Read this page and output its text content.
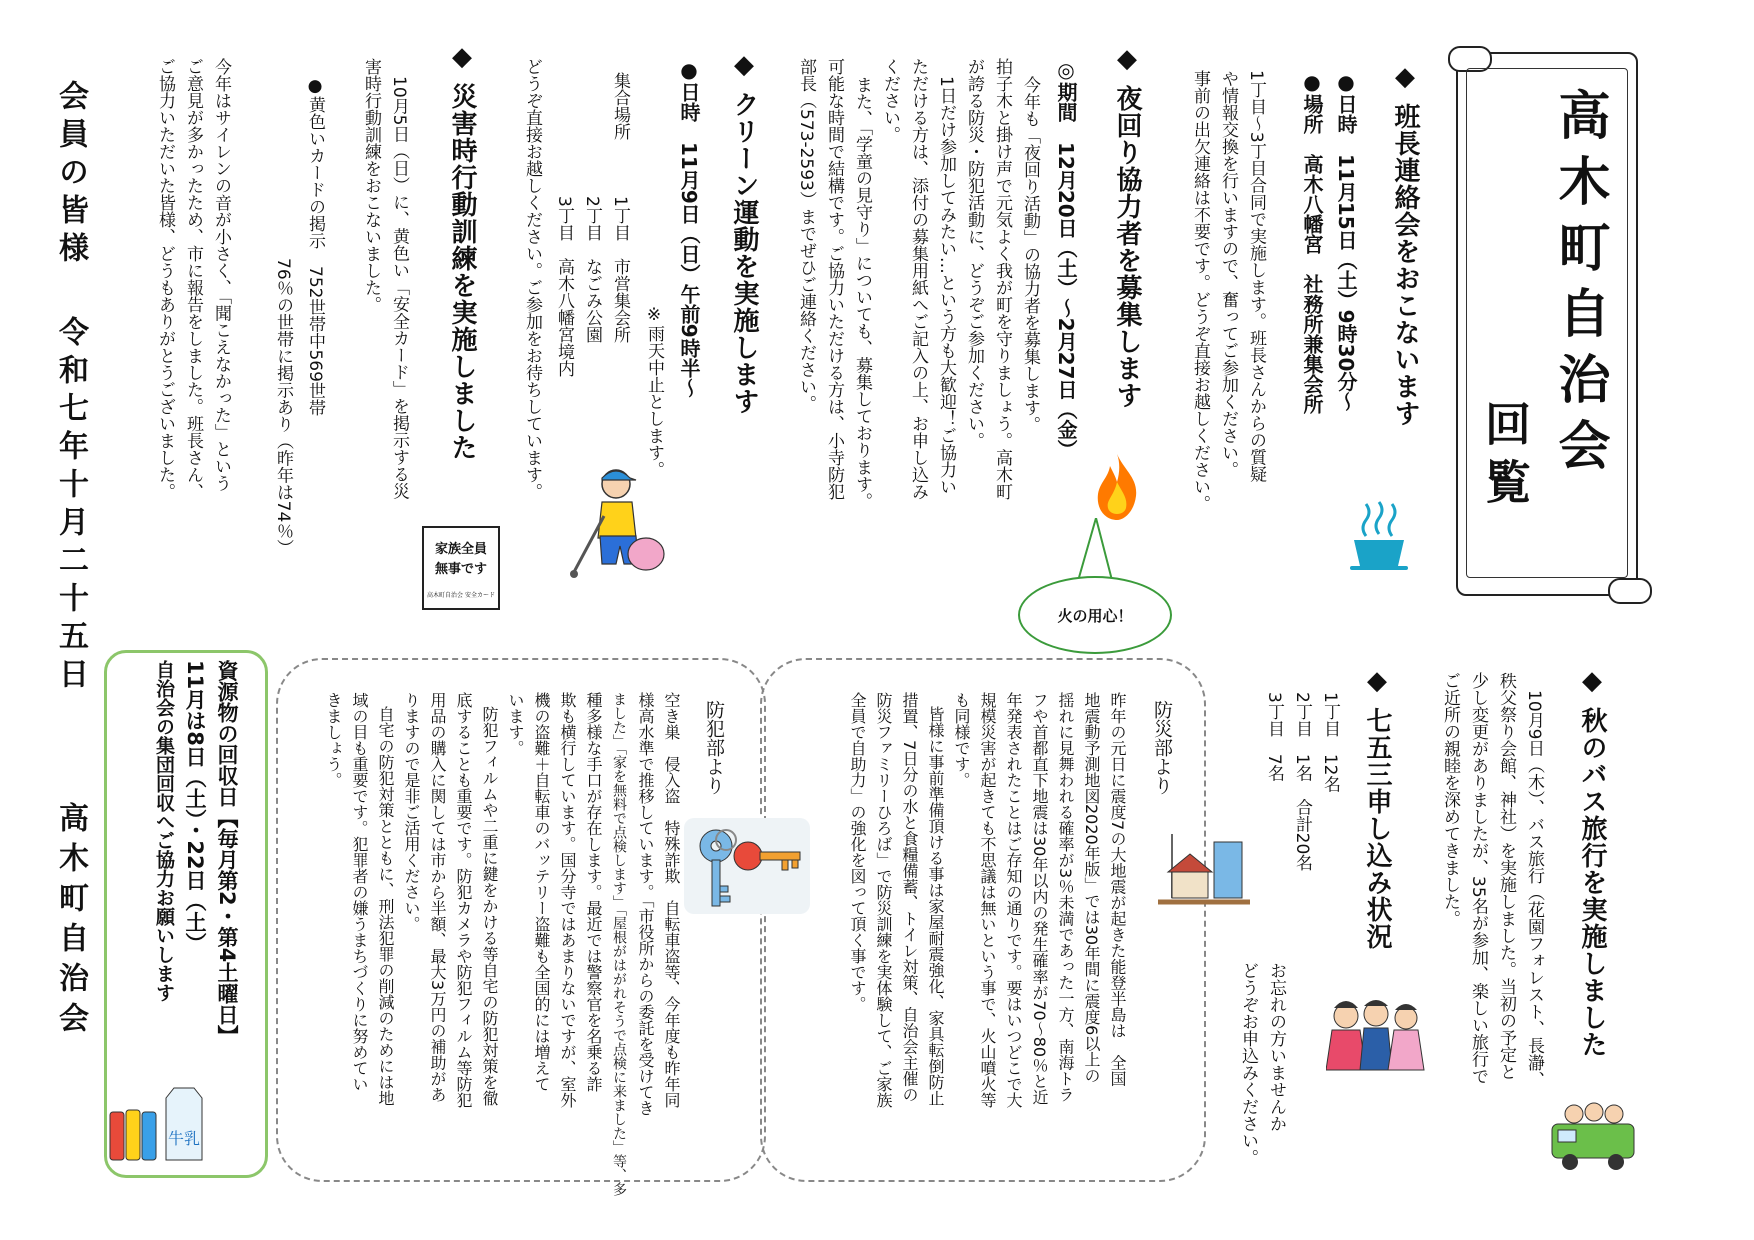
高木町自治会
回覧
◆ 班長連絡会をおこないます
●日時　11月15日（土）9時30分～
●場所　高木八幡宮　社務所兼集会所
1丁目～3丁目合同で実施します。班長さんからの質疑
や情報交換を行いますので、奮ってご参加ください。
事前の出欠連絡は不要です。どうぞ直接お越しください。
◆ 夜回り協力者を募集します
◎期間　12月20日（土）～2月27日（金）
今年も「夜回り活動」の協力者を募集します。
拍子木と掛け声で元気よく我が町を守りましょう。高木町
が誇る防災・防犯活動に、どうぞご参加ください。
1日だけ参加してみたい…という方も大歓迎！ご協力い
ただける方は、添付の募集用紙へご記入の上、お申し込み
ください。
また、「学童の見守り」についても、募集しております。
可能な時間で結構です。ご協力いただける方は、小寺防犯
部長（573-2593）までぜひご連絡ください。
火の用心！
◆ クリーン運動を実施します
●日時　11月9日（日）午前9時半～
※雨天中止とします。
集合場所
1丁目　市営集会所
2丁目　なごみ公園
3丁目　高木八幡宮境内
どうぞ直接お越しください。ご参加をお待ちしています。
◆ 災害時行動訓練を実施しました
10月5日（日）に、黄色い「安全カード」を掲示する災
害時行動訓練をおこないました。
●黄色いカードの掲示　752世帯中569世帯
76％の世帯に掲示あり（昨年は74％）	家族全員
無事です
高木町自治会 安全カード
今年はサイレンの音が小さく、「聞こえなかった」という
ご意見が多かったため、市に報告をしました。班長さん、
ご協力いただいた皆様、どうもありがとうございました。
会員の皆様
令和七年十月二十五日
高木町自治会	◆ 秋のバス旅行を実施しました
10月9日（木）、バス旅行（花園フォレスト、長瀞、
秩父祭り会館、神社）を実施しました。当初の予定と
少し変更がありましたが、35名が参加、楽しい旅行で
ご近所の親睦を深めてきました。
◆ 七五三申し込み状況
1丁目　12名
2丁目　1名　合計20名
3丁目　7名
お忘れの方いませんか
どうぞお申込みください。
防災部より
昨年の元日に震度7の大地震が起きた能登半島は　全国
地震動予測地図2020年版」では30年間に震度6以上の
揺れに見舞われる確率が3％未満であった一方、南海トラ
フや首都直下地震は30年以内の発生確率が70～80％と近
年発表されたことはご存知の通りです。要はいつどこで大
規模災害が起きても不思議は無いという事で、火山噴火等
も同様です。
皆様に事前準備頂ける事は家屋耐震強化、家具転倒防止
措置、7日分の水と食糧備蓄、トイレ対策、自治会主催の
防災ファミリーひろば」で防災訓練を実体験して、ご家族
全員で自助力」の強化を図って頂く事です。
防犯部より
空き巣　侵入盗　特殊詐欺　自転車盗等、今年度も昨年同
様高水準で推移しています。「市役所からの委託を受けてき
ました」「家を無料で点検します」「屋根がはがれそうで点検に来ました」等、多
種多様な手口が存在します。最近では警察官を名乗る詐
欺も横行しています。国分寺ではあまりないですが、室外
機の盗難＋自転車のバッテリー盗難も全国的には増えて
います。
防犯フィルムや二重に鍵をかける等自宅の防犯対策を徹
底することも重要です。防犯カメラや防犯フィルム等防犯
用品の購入に関しては市から半額、最大3万円の補助があ
りますので是非ご活用ください。
自宅の防犯対策とともに、刑法犯罪の削減のためには地
域の目も重要です。犯罪者の嫌うまちづくりに努めてい
きましょう。
資源物の回収日【毎月第2・第4土曜日】
11月は8日（土）・22日（土）
自治会の集団回収へご協力お願いします
牛乳
